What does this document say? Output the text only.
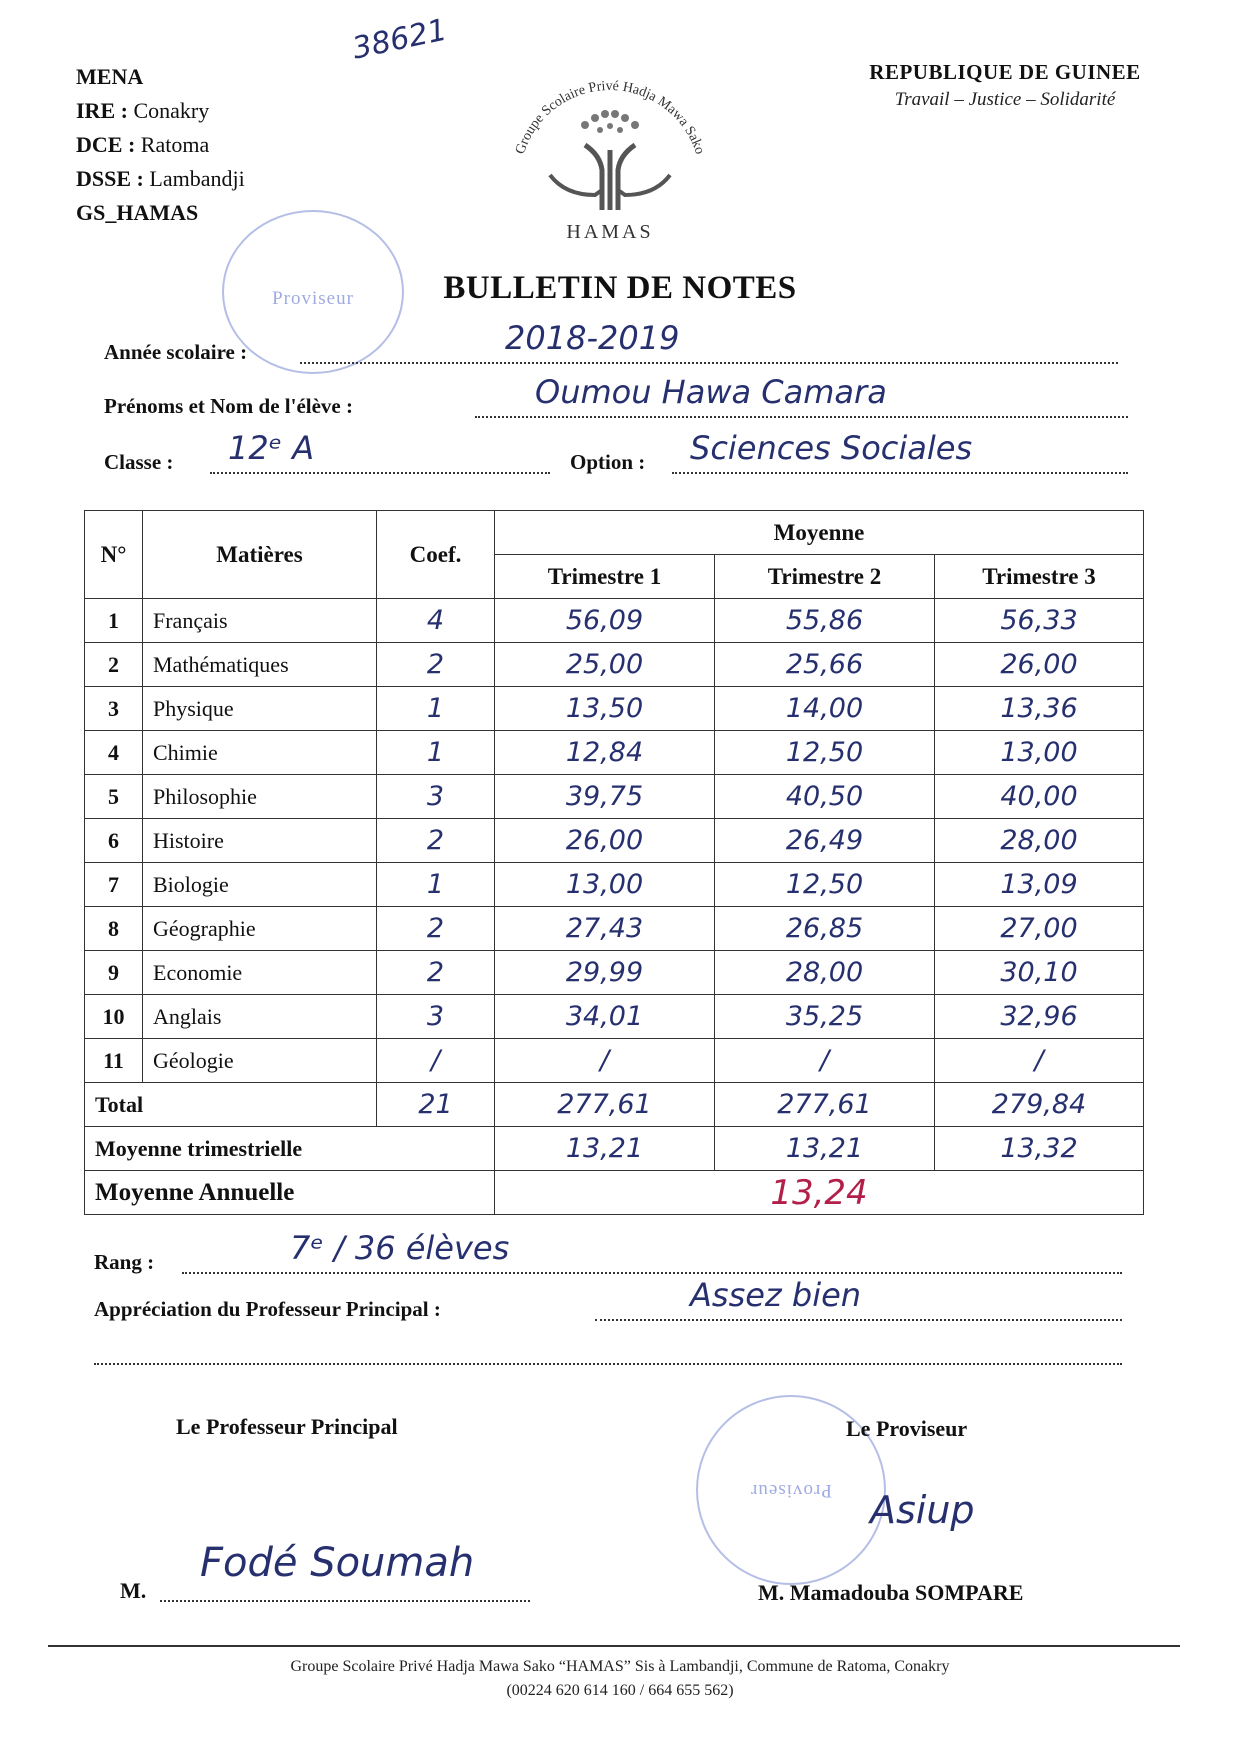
MENA
IRE : Conakry
DCE : Ratoma
DSSE : Lambandji
GS_HAMAS
38621
Groupe Scolaire Privé Hadja Mawa Sako
HAMAS
REPUBLIQUE DE GUINEE
Travail – Justice – Solidarité
Proviseur	BULLETIN DE NOTES
Année scolaire :	2018-2019
Prénoms et Nom de l'élève :	Oumou Hawa Camara
Classe : 12ᵉ A	Option : Sciences Sociales
N°	Matières	Coef.	Moyenne		
			Trimestre 1	Trimestre 2	Trimestre 3
1	Français	4	56,09	55,86	56,33
2	Mathématiques	2	25,00	25,66	26,00
3	Physique	1	13,50	14,00	13,36
4	Chimie	1	12,84	12,50	13,00
5	Philosophie	3	39,75	40,50	40,00
6	Histoire	2	26,00	26,49	28,00
7	Biologie	1	13,00	12,50	13,09
8	Géographie	2	27,43	26,85	27,00
9	Economie	2	29,99	28,00	30,10
10	Anglais	3	34,01	35,25	32,96
11	Géologie	/	/	/	/
Total		21	277,61	277,61	279,84
Moyenne trimestrielle			13,21	13,21	13,32
Moyenne Annuelle			13,24		
Rang :	7ᵉ / 36 élèves
Appréciation du Professeur Principal :	Assez bien
Le Professeur Principal
M.
Fodé Soumah
Proviseur
Le Proviseur
Asiup
M. Mamadouba SOMPARE
Groupe Scolaire Privé Hadja Mawa Sako “HAMAS” Sis à Lambandji, Commune de Ratoma, Conakry
(00224 620 614 160 / 664 655 562)
